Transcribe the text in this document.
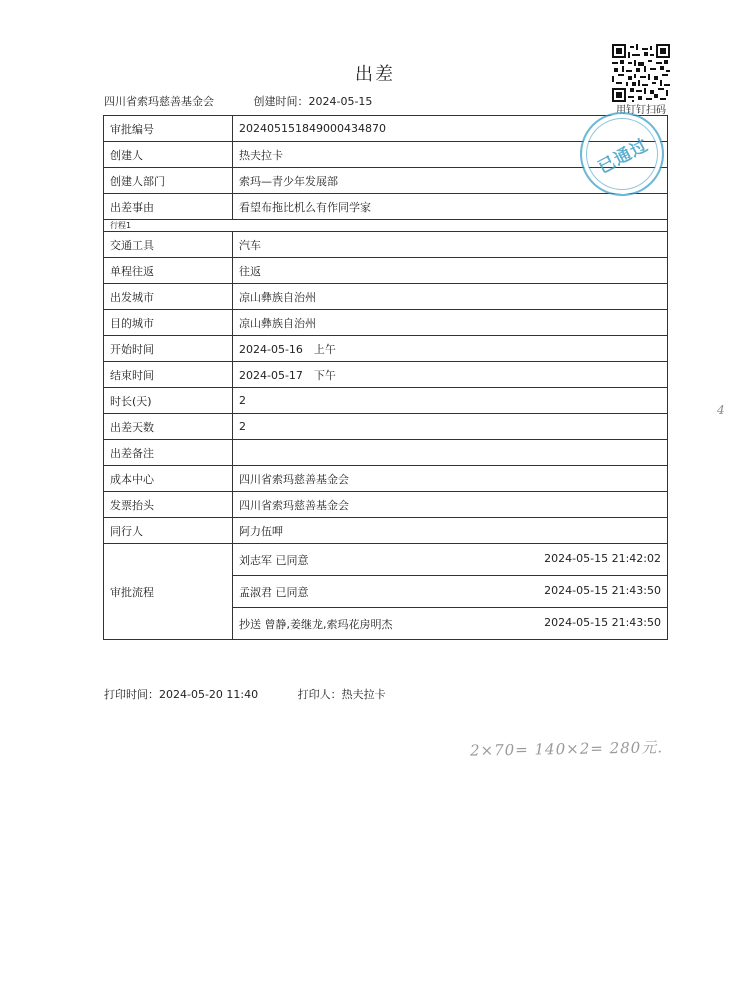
出差
四川省索玛慈善基金会	创建时间：2024-05-15
用钉钉扫码
审批编号	202405151849000434870
创建人	热夫拉卡
创建人部门	索玛—青少年发展部
出差事由	看望布拖比机么有作同学家
行程1	
交通工具	汽车
单程往返	往返
出发城市	凉山彝族自治州
目的城市	凉山彝族自治州
开始时间	2024-05-16　上午
结束时间	2024-05-17　下午
时长(天)	2
出差天数	2
出差备注	
成本中心	四川省索玛慈善基金会
发票抬头	四川省索玛慈善基金会
同行人	阿力伍呷
审批流程	刘志军 已同意 2024-05-15 21:42:02

	孟淑君 已同意 2024-05-15 21:43:50

	抄送 曾静,姜继龙,索玛花房明杰 2024-05-15 21:43:50
已通过
打印时间：2024-05-20 11:40	打印人：热夫拉卡
4
2×70= 140×2= 280元.
